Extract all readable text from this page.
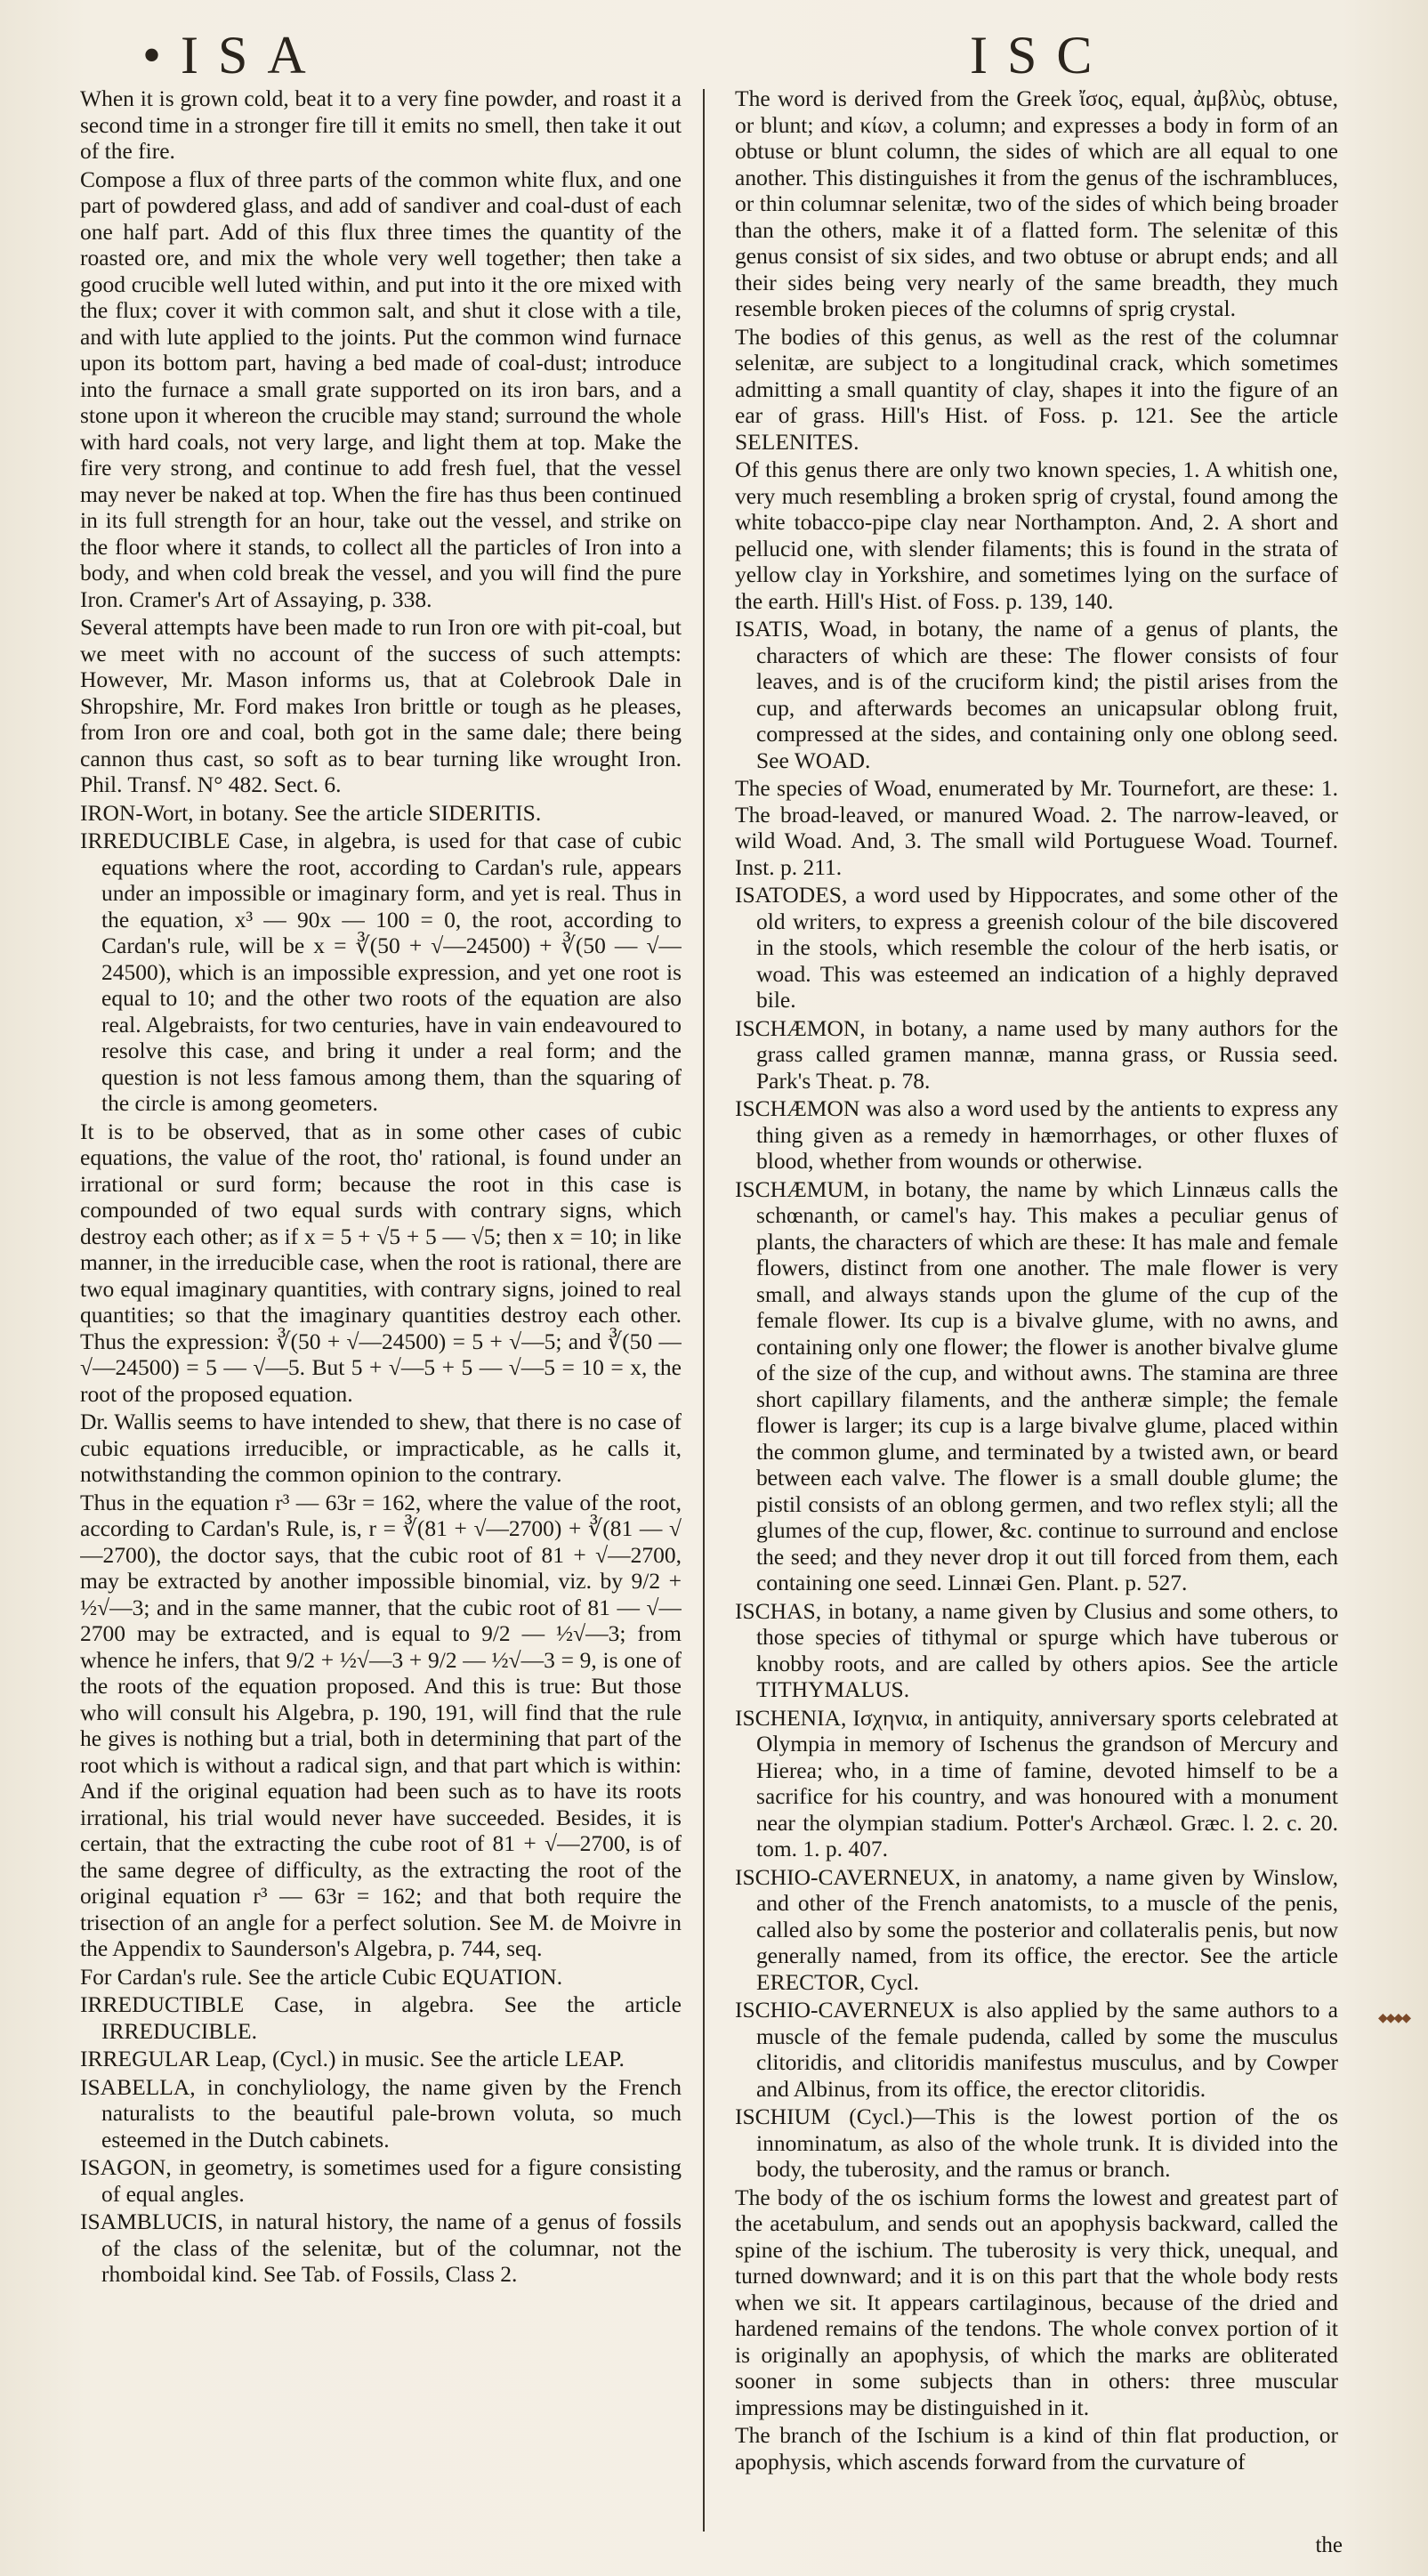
•ISA	ISC

When it is grown cold, beat it to a very fine powder, and roast it a second time in a stronger fire till it emits no smell, then take it out of the fire.

Compose a flux of three parts of the common white flux, and one part of powdered glass, and add of sandiver and coal-dust of each one half part. Add of this flux three times the quantity of the roasted ore, and mix the whole very well together; then take a good crucible well luted within, and put into it the ore mixed with the flux; cover it with common salt, and shut it close with a tile, and with lute applied to the joints. Put the common wind furnace upon its bottom part, having a bed made of coal-dust; introduce into the furnace a small grate supported on its iron bars, and a stone upon it whereon the crucible may stand; surround the whole with hard coals, not very large, and light them at top. Make the fire very strong, and continue to add fresh fuel, that the vessel may never be naked at top. When the fire has thus been continued in its full strength for an hour, take out the vessel, and strike on the floor where it stands, to collect all the particles of Iron into a body, and when cold break the vessel, and you will find the pure Iron. Cramer's Art of Assaying, p. 338.

Several attempts have been made to run Iron ore with pit-coal, but we meet with no account of the success of such attempts: However, Mr. Mason informs us, that at Colebrook Dale in Shropshire, Mr. Ford makes Iron brittle or tough as he pleases, from Iron ore and coal, both got in the same dale; there being cannon thus cast, so soft as to bear turning like wrought Iron. Phil. Transf. N° 482. Sect. 6.

IRON-Wort, in botany. See the article SIDERITIS.

IRREDUCIBLE Case, in algebra, is used for that case of cubic equations where the root, according to Cardan's rule, appears under an impossible or imaginary form, and yet is real. Thus in the equation, x³ — 90x — 100 = 0, the root, according to Cardan's rule, will be x = ∛(50 + √—24500) + ∛(50 — √—24500), which is an impossible expression, and yet one root is equal to 10; and the other two roots of the equation are also real. Algebraists, for two centuries, have in vain endeavoured to resolve this case, and bring it under a real form; and the question is not less famous among them, than the squaring of the circle is among geometers.

It is to be observed, that as in some other cases of cubic equations, the value of the root, tho' rational, is found under an irrational or surd form; because the root in this case is compounded of two equal surds with contrary signs, which destroy each other; as if x = 5 + √5 + 5 — √5; then x = 10; in like manner, in the irreducible case, when the root is rational, there are two equal imaginary quantities, with contrary signs, joined to real quantities; so that the imaginary quantities destroy each other. Thus the expression: ∛(50 + √—24500) = 5 + √—5; and ∛(50 — √—24500) = 5 — √—5. But 5 + √—5 + 5 — √—5 = 10 = x, the root of the proposed equation.

Dr. Wallis seems to have intended to shew, that there is no case of cubic equations irreducible, or impracticable, as he calls it, notwithstanding the common opinion to the contrary.

Thus in the equation r³ — 63r = 162, where the value of the root, according to Cardan's Rule, is, r = ∛(81 + √—2700) + ∛(81 — √—2700), the doctor says, that the cubic root of 81 + √—2700, may be extracted by another impossible binomial, viz. by 9/2 + ½√—3; and in the same manner, that the cubic root of 81 — √—2700 may be extracted, and is equal to 9/2 — ½√—3; from whence he infers, that 9/2 + ½√—3 + 9/2 — ½√—3 = 9, is one of the roots of the equation proposed. And this is true: But those who will consult his Algebra, p. 190, 191, will find that the rule he gives is nothing but a trial, both in determining that part of the root which is without a radical sign, and that part which is within: And if the original equation had been such as to have its roots irrational, his trial would never have succeeded. Besides, it is certain, that the extracting the cube root of 81 + √—2700, is of the same degree of difficulty, as the extracting the root of the original equation r³ — 63r = 162; and that both require the trisection of an angle for a perfect solution. See M. de Moivre in the Appendix to Saunderson's Algebra, p. 744, seq.

For Cardan's rule. See the article Cubic EQUATION.

IRREDUCTIBLE Case, in algebra. See the article IRREDUCIBLE.

IRREGULAR Leap, (Cycl.) in music. See the article LEAP.

ISABELLA, in conchyliology, the name given by the French naturalists to the beautiful pale-brown voluta, so much esteemed in the Dutch cabinets.

ISAGON, in geometry, is sometimes used for a figure consisting of equal angles.

ISAMBLUCIS, in natural history, the name of a genus of fossils of the class of the selenitæ, but of the columnar, not the rhomboidal kind. See Tab. of Fossils, Class 2.

The word is derived from the Greek ἴσος, equal, ἀμβλὺς, obtuse, or blunt; and κίων, a column; and expresses a body in form of an obtuse or blunt column, the sides of which are all equal to one another. This distinguishes it from the genus of the ischrambluces, or thin columnar selenitæ, two of the sides of which being broader than the others, make it of a flatted form. The selenitæ of this genus consist of six sides, and two obtuse or abrupt ends; and all their sides being very nearly of the same breadth, they much resemble broken pieces of the columns of sprig crystal.

The bodies of this genus, as well as the rest of the columnar selenitæ, are subject to a longitudinal crack, which sometimes admitting a small quantity of clay, shapes it into the figure of an ear of grass. Hill's Hist. of Foss. p. 121. See the article SELENITES.

Of this genus there are only two known species, 1. A whitish one, very much resembling a broken sprig of crystal, found among the white tobacco-pipe clay near Northampton. And, 2. A short and pellucid one, with slender filaments; this is found in the strata of yellow clay in Yorkshire, and sometimes lying on the surface of the earth. Hill's Hist. of Foss. p. 139, 140.

ISATIS, Woad, in botany, the name of a genus of plants, the characters of which are these: The flower consists of four leaves, and is of the cruciform kind; the pistil arises from the cup, and afterwards becomes an unicapsular oblong fruit, compressed at the sides, and containing only one oblong seed. See WOAD.

The species of Woad, enumerated by Mr. Tournefort, are these: 1. The broad-leaved, or manured Woad. 2. The narrow-leaved, or wild Woad. And, 3. The small wild Portuguese Woad. Tournef. Inst. p. 211.

ISATODES, a word used by Hippocrates, and some other of the old writers, to express a greenish colour of the bile discovered in the stools, which resemble the colour of the herb isatis, or woad. This was esteemed an indication of a highly depraved bile.

ISCHÆMON, in botany, a name used by many authors for the grass called gramen mannæ, manna grass, or Russia seed. Park's Theat. p. 78.

ISCHÆMON was also a word used by the antients to express any thing given as a remedy in hæmorrhages, or other fluxes of blood, whether from wounds or otherwise.

ISCHÆMUM, in botany, the name by which Linnæus calls the schœnanth, or camel's hay. This makes a peculiar genus of plants, the characters of which are these: It has male and female flowers, distinct from one another. The male flower is very small, and always stands upon the glume of the cup of the female flower. Its cup is a bivalve glume, with no awns, and containing only one flower; the flower is another bivalve glume of the size of the cup, and without awns. The stamina are three short capillary filaments, and the antheræ simple; the female flower is larger; its cup is a large bivalve glume, placed within the common glume, and terminated by a twisted awn, or beard between each valve. The flower is a small double glume; the pistil consists of an oblong germen, and two reflex styli; all the glumes of the cup, flower, &c. continue to surround and enclose the seed; and they never drop it out till forced from them, each containing one seed. Linnæi Gen. Plant. p. 527.

ISCHAS, in botany, a name given by Clusius and some others, to those species of tithymal or spurge which have tuberous or knobby roots, and are called by others apios. See the article TITHYMALUS.

ISCHENIA, Ισχηνια, in antiquity, anniversary sports celebrated at Olympia in memory of Ischenus the grandson of Mercury and Hierea; who, in a time of famine, devoted himself to be a sacrifice for his country, and was honoured with a monument near the olympian stadium. Potter's Archæol. Græc. l. 2. c. 20. tom. 1. p. 407.

ISCHIO-CAVERNEUX, in anatomy, a name given by Winslow, and other of the French anatomists, to a muscle of the penis, called also by some the posterior and collateralis penis, but now generally named, from its office, the erector. See the article ERECTOR, Cycl.

ISCHIO-CAVERNEUX is also applied by the same authors to a muscle of the female pudenda, called by some the musculus clitoridis, and clitoridis manifestus musculus, and by Cowper and Albinus, from its office, the erector clitoridis.

ISCHIUM (Cycl.)—This is the lowest portion of the os innominatum, as also of the whole trunk. It is divided into the body, the tuberosity, and the ramus or branch.

The body of the os ischium forms the lowest and greatest part of the acetabulum, and sends out an apophysis backward, called the spine of the ischium. The tuberosity is very thick, unequal, and turned downward; and it is on this part that the whole body rests when we sit. It appears cartilaginous, because of the dried and hardened remains of the tendons. The whole convex portion of it is originally an apophysis, of which the marks are obliterated sooner in some subjects than in others: three muscular impressions may be distinguished in it.

The branch of the Ischium is a kind of thin flat production, or apophysis, which ascends forward from the curvature of

◆◆◆◆
the
